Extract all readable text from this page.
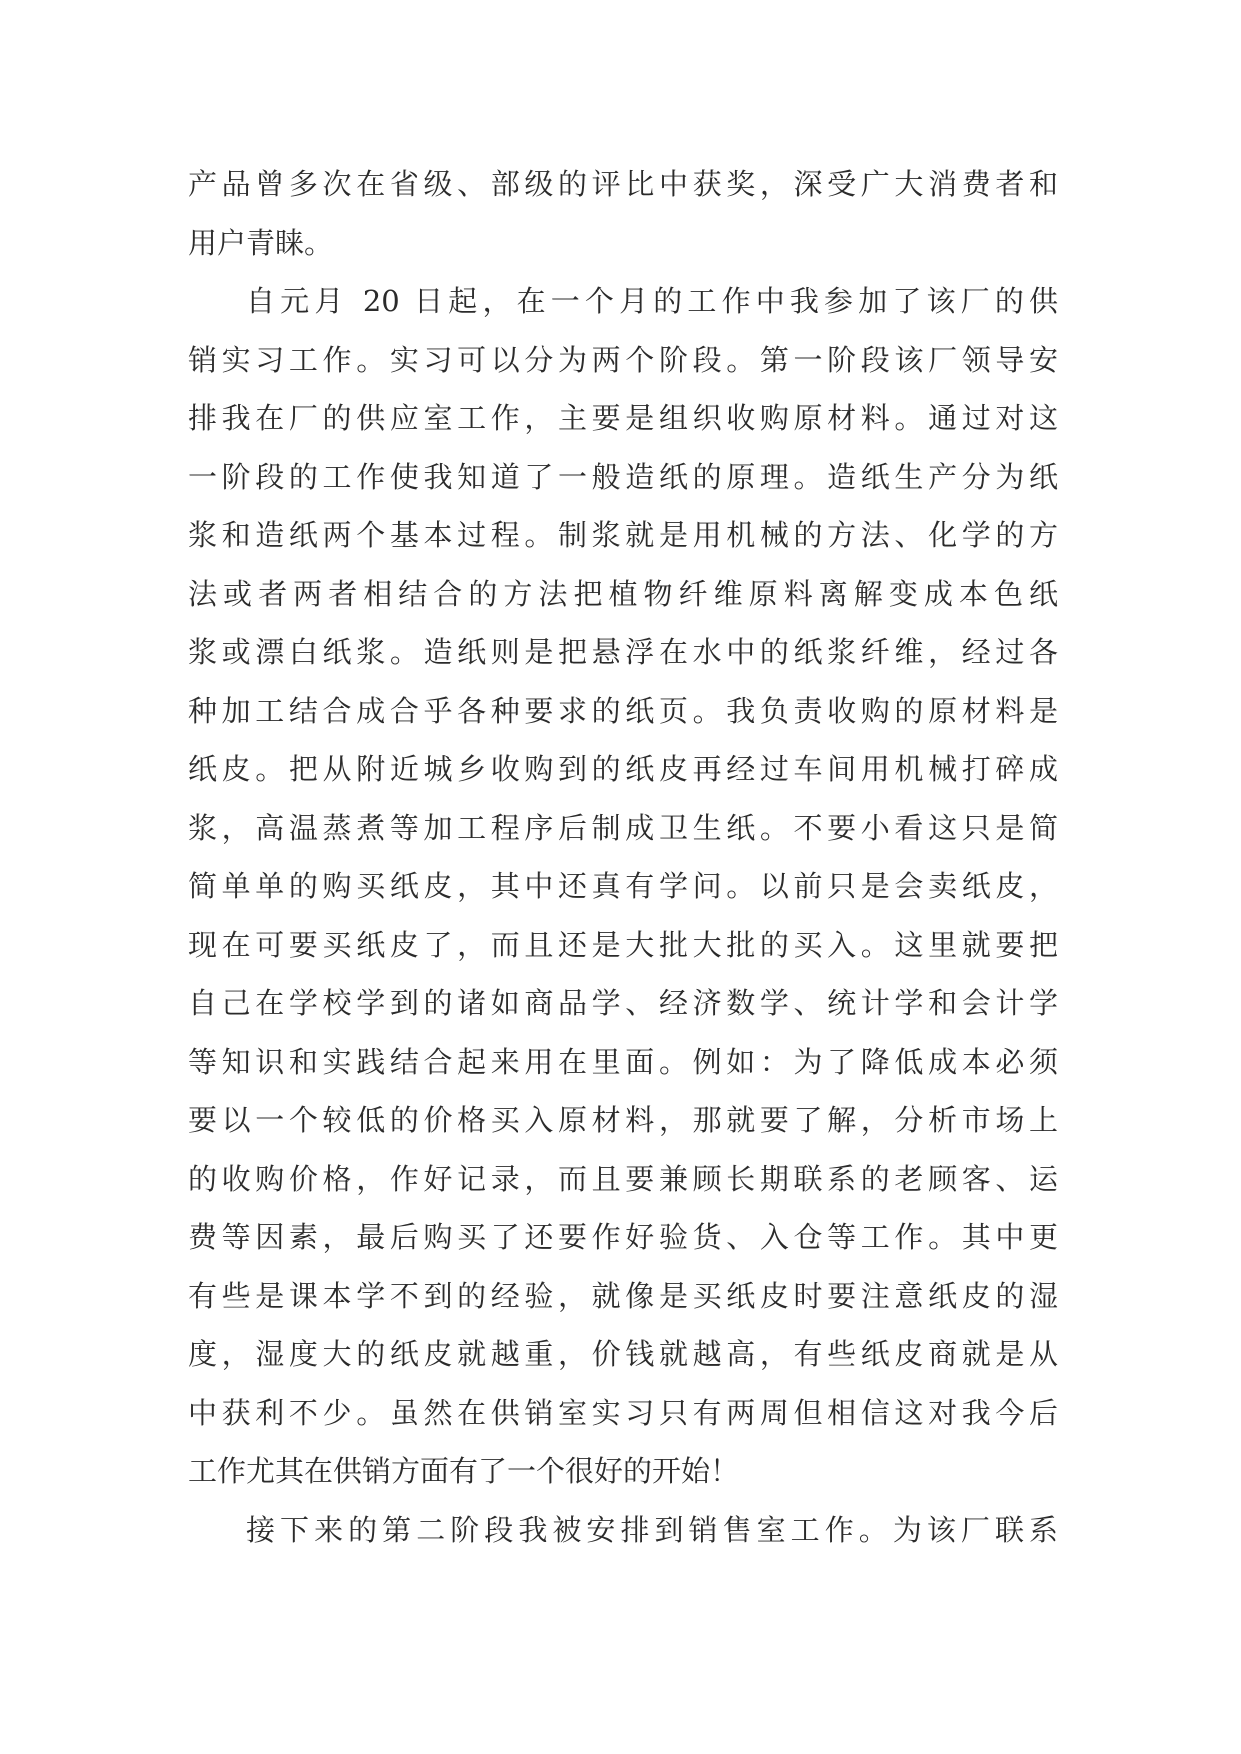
产品曾多次在省级、部级的评比中获奖，深受广大消费者和
用户青睐。
自元月 20 日起，在一个月的工作中我参加了该厂的供
销实习工作。实习可以分为两个阶段。第一阶段该厂领导安
排我在厂的供应室工作，主要是组织收购原材料。通过对这
一阶段的工作使我知道了一般造纸的原理。造纸生产分为纸
浆和造纸两个基本过程。制浆就是用机械的方法、化学的方
法或者两者相结合的方法把植物纤维原料离解变成本色纸
浆或漂白纸浆。造纸则是把悬浮在水中的纸浆纤维，经过各
种加工结合成合乎各种要求的纸页。我负责收购的原材料是
纸皮。把从附近城乡收购到的纸皮再经过车间用机械打碎成
浆，高温蒸煮等加工程序后制成卫生纸。不要小看这只是简
简单单的购买纸皮，其中还真有学问。以前只是会卖纸皮，
现在可要买纸皮了，而且还是大批大批的买入。这里就要把
自己在学校学到的诸如商品学、经济数学、统计学和会计学
等知识和实践结合起来用在里面。例如：为了降低成本必须
要以一个较低的价格买入原材料，那就要了解，分析市场上
的收购价格，作好记录，而且要兼顾长期联系的老顾客、运
费等因素，最后购买了还要作好验货、入仓等工作。其中更
有些是课本学不到的经验，就像是买纸皮时要注意纸皮的湿
度，湿度大的纸皮就越重，价钱就越高，有些纸皮商就是从
中获利不少。虽然在供销室实习只有两周但相信这对我今后
工作尤其在供销方面有了一个很好的开始！
接下来的第二阶段我被安排到销售室工作。为该厂联系
